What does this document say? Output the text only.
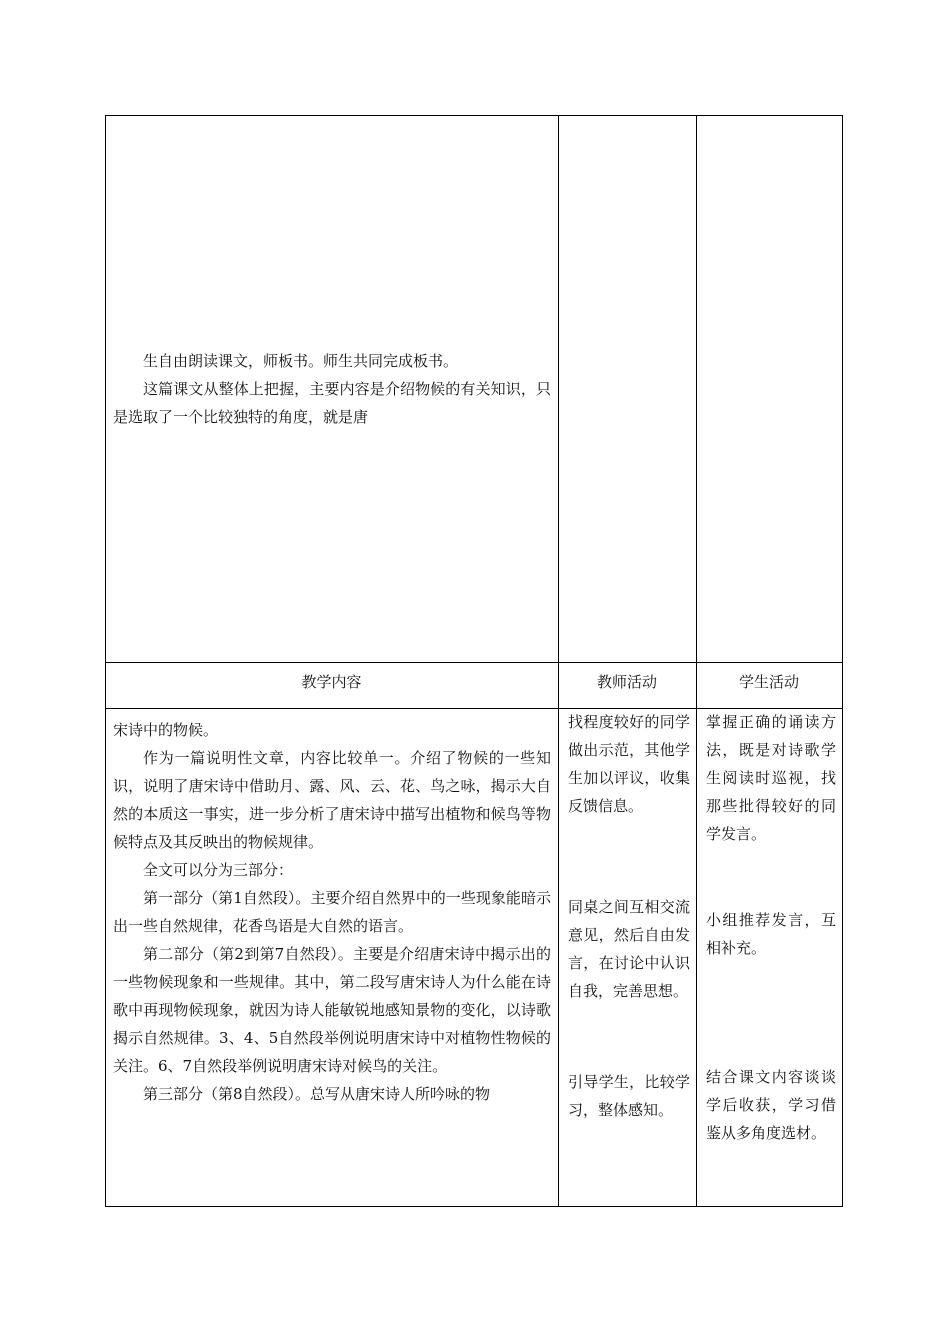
生自由朗读课文，师板书。师生共同完成板书。

这篇课文从整体上把握，主要内容是介绍物候的有关知识，只是选取了一个比较独特的角度，就是唐

教学内容	教师活动	学生活动

宋诗中的物候。

作为一篇说明性文章，内容比较单一。介绍了物候的一些知识，说明了唐宋诗中借助月、露、风、云、花、鸟之咏，揭示大自然的本质这一事实，进一步分析了唐宋诗中描写出植物和候鸟等物候特点及其反映出的物候规律。

全文可以分为三部分：

第一部分（第1自然段）。主要介绍自然界中的一些现象能暗示出一些自然规律，花香鸟语是大自然的语言。

第二部分（第2到第7自然段）。主要是介绍唐宋诗中揭示出的一些物候现象和一些规律。其中，第二段写唐宋诗人为什么能在诗歌中再现物候现象，就因为诗人能敏锐地感知景物的变化，以诗歌揭示自然规律。3、4、5自然段举例说明唐宋诗中对植物性物候的关注。6、7自然段举例说明唐宋诗对候鸟的关注。

第三部分（第8自然段）。总写从唐宋诗人所吟咏的物

找程度较好的同学做出示范，其他学生加以评议，收集反馈信息。
同桌之间互相交流意见，然后自由发言，在讨论中认识自我，完善思想。
引导学生，比较学习，整体感知。
掌握正确的诵读方法，既是对诗歌学生阅读时巡视，找那些批得较好的同学发言。
小组推荐发言，互相补充。
结合课文内容谈谈学后收获，学习借鉴从多角度选材。
